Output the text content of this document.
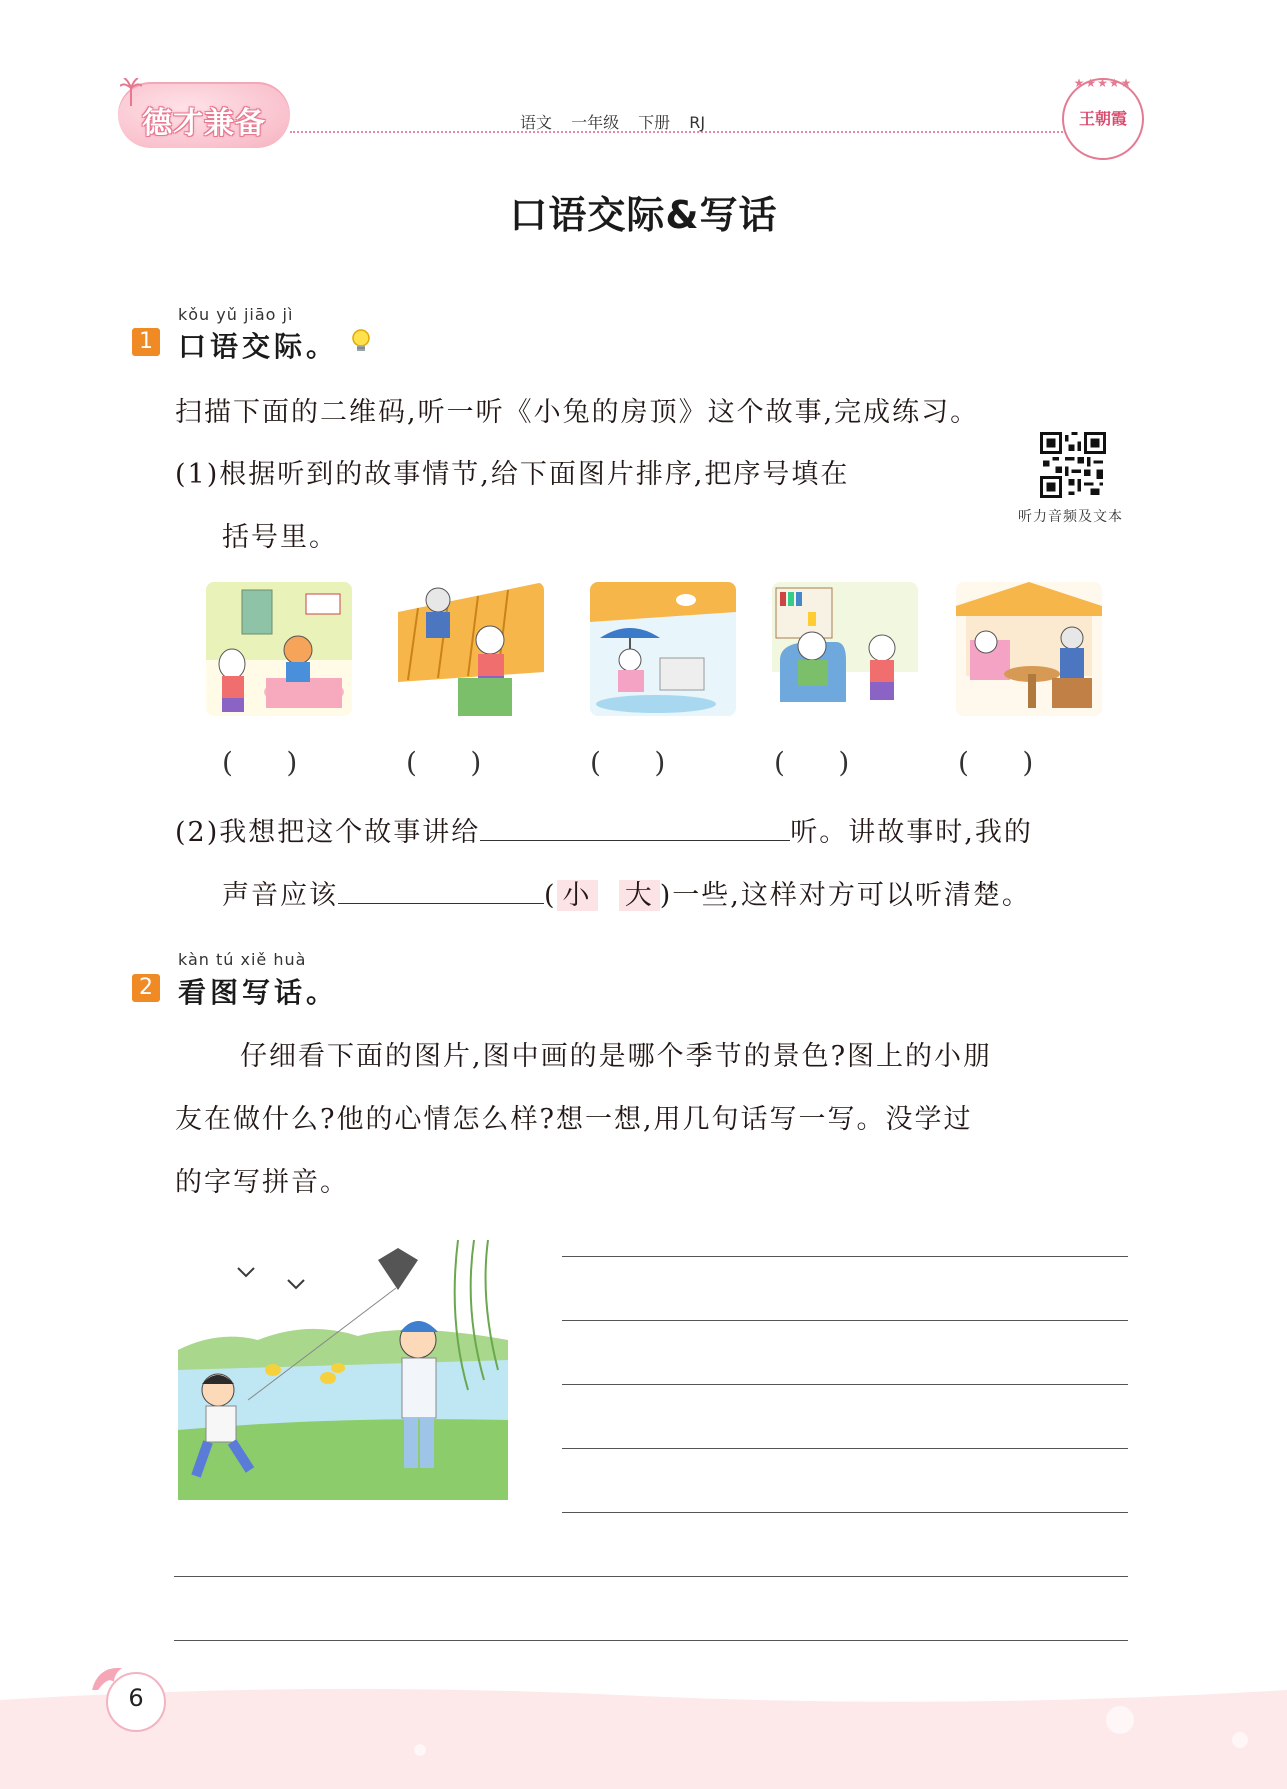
德才兼备	语文 一年级 下册 RJ
★★★★★
王朝霞
口语交际&写话
kǒu yǔ jiāo jì
1 口语交际。
扫描下面的二维码,听一听《小兔的房顶》这个故事,完成练习。
听力音频及文本
(1)根据听到的故事情节,给下面图片排序,把序号填在
括号里。
(      )	(      )	(      )	(      )	(      )
(2)我想把这个故事讲给	听。讲故事时,我的
声音应该	( 小 大 )一些,这样对方可以听清楚。
kàn tú xiě huà
2 看图写话。
仔细看下面的图片,图中画的是哪个季节的景色?图上的小朋
友在做什么?他的心情怎么样?想一想,用几句话写一写。没学过
的字写拼音。
6
